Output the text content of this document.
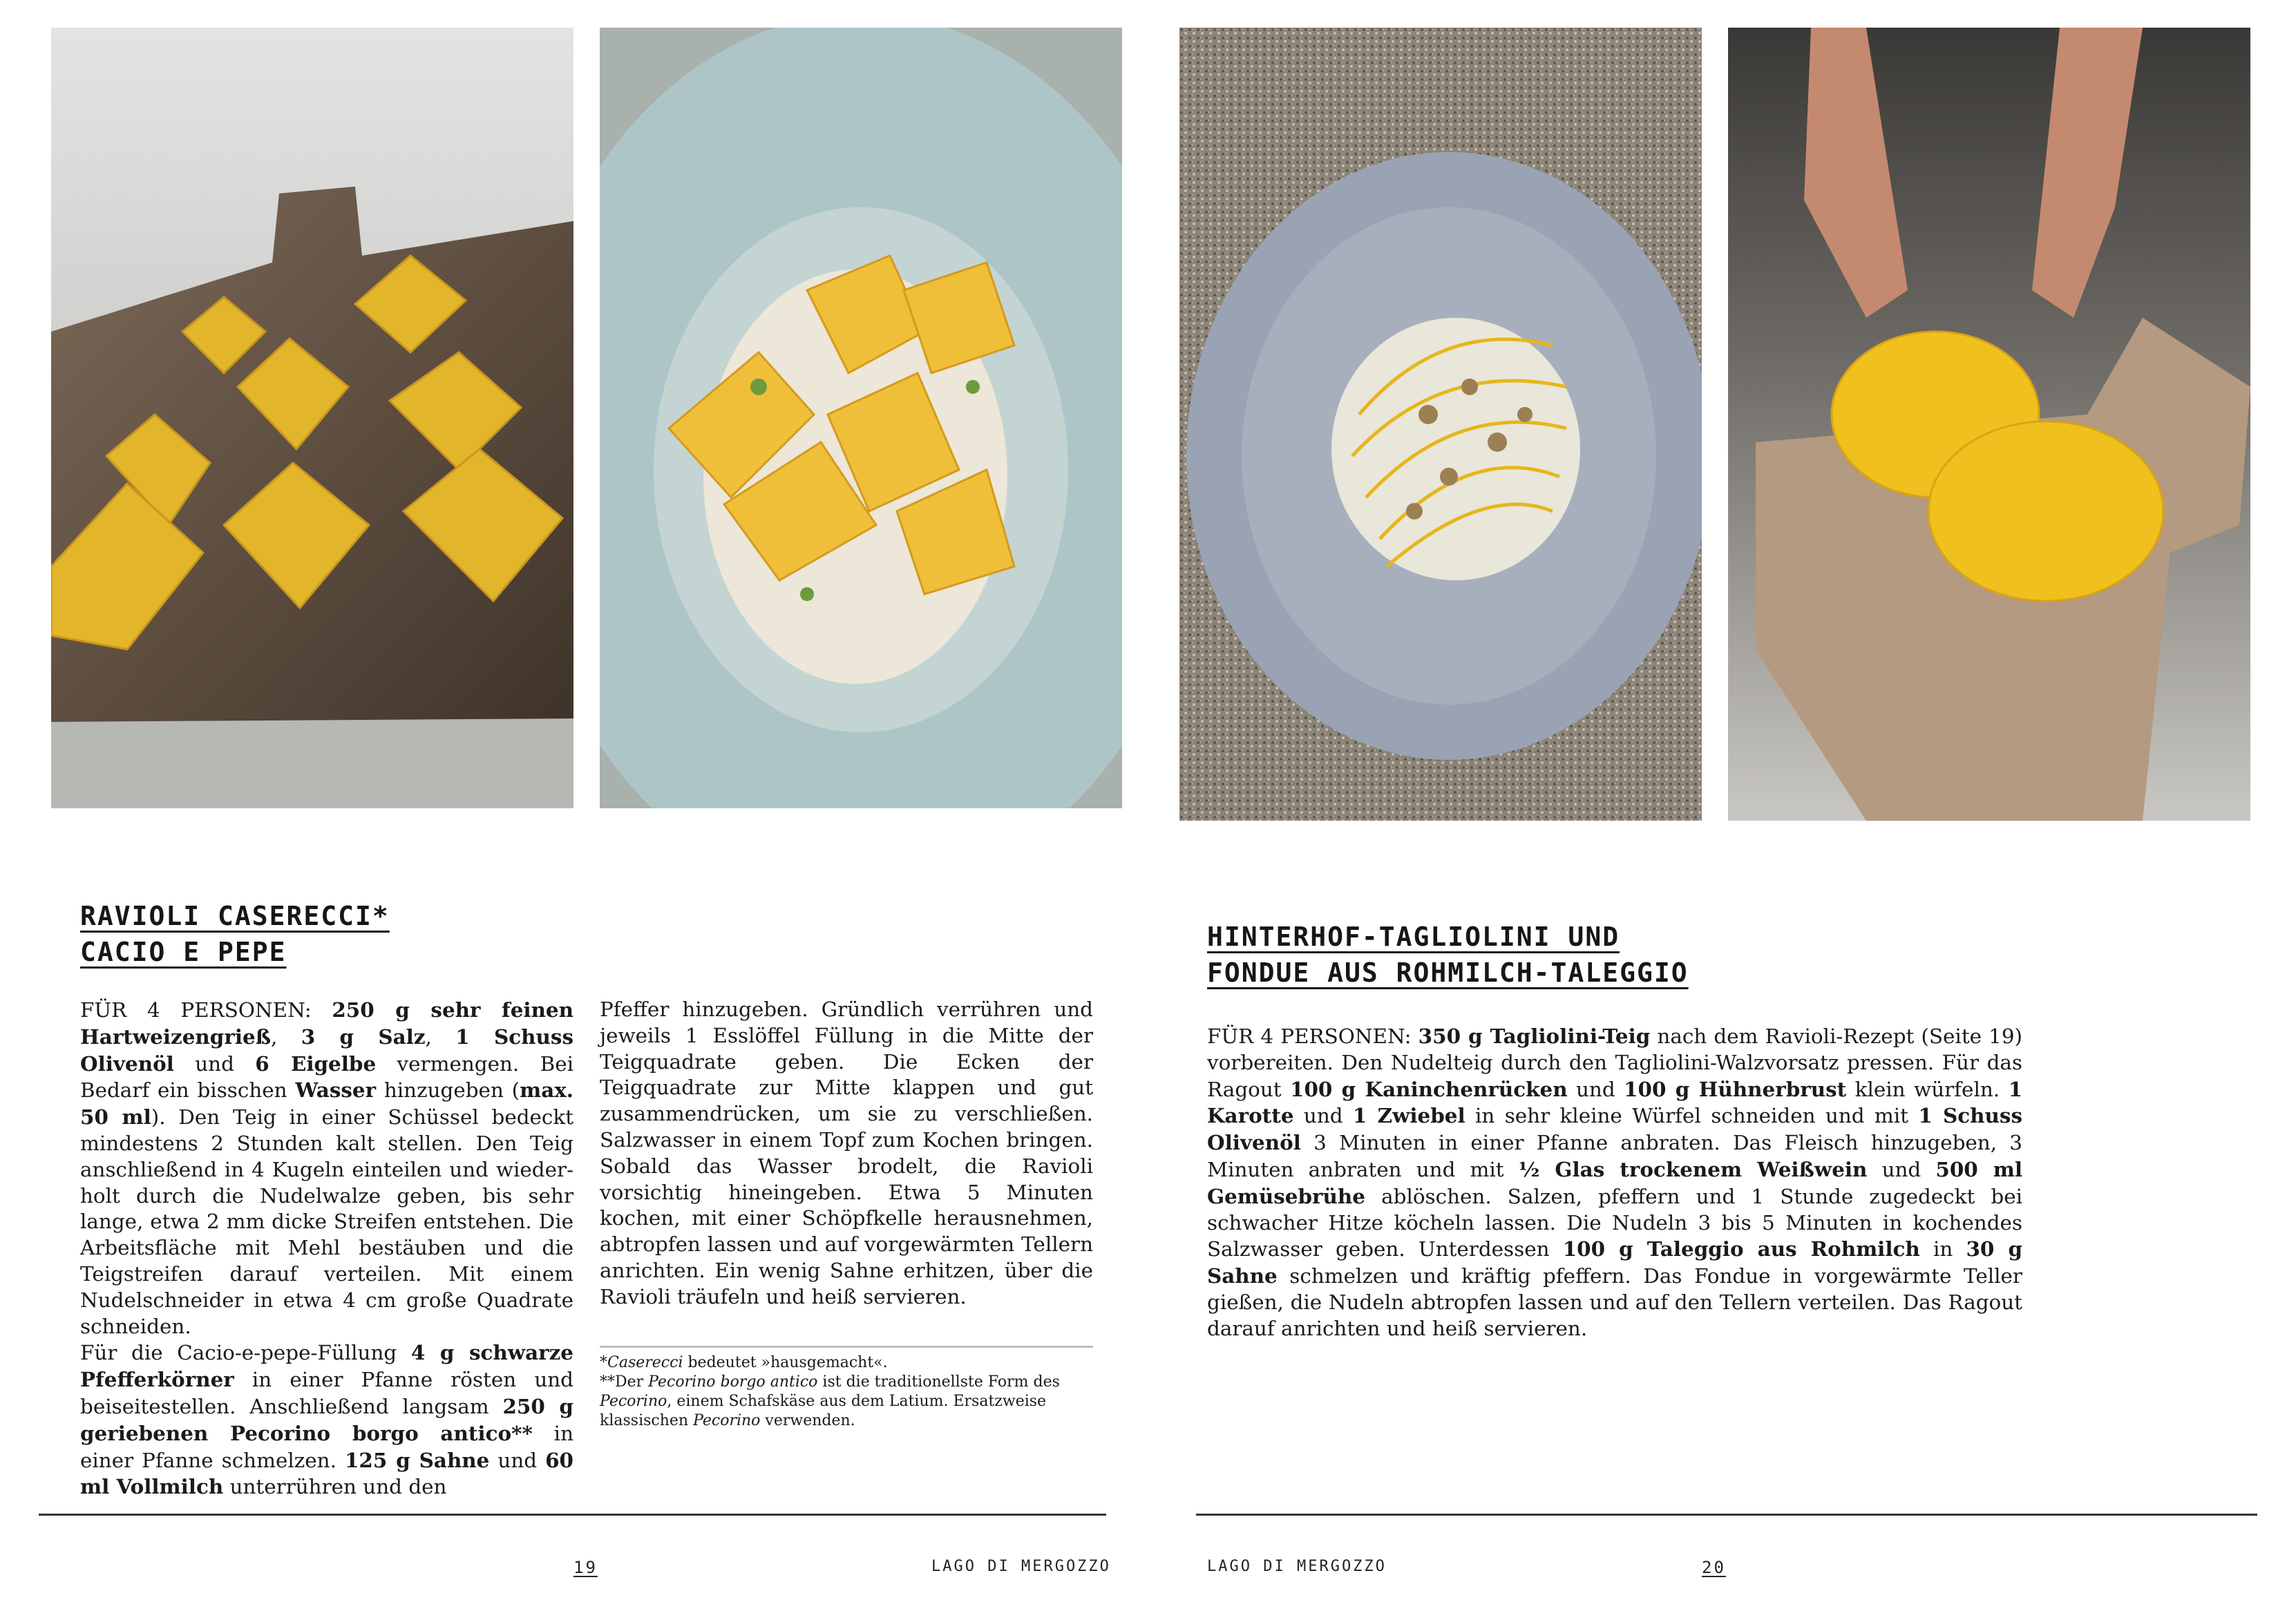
RAVIOLI CASERECCI*
CACIO E PEPE
FÜR 4 PERSONEN: 250 g sehr feinen Hartweizengrieß, 3 g Salz, 1 Schuss Olivenöl und 6 Eigelbe vermengen. Bei Bedarf ein bisschen Wasser hinzugeben (max. 50 ml). Den Teig in einer Schüssel bedeckt mindestens 2 Stunden kalt stellen. Den Teig anschließend in 4 Kugeln einteilen und wiederholt durch die Nudelwalze geben, bis sehr lange, etwa 2 mm dicke Streifen entstehen. Die Arbeitsfläche mit Mehl bestäuben und die Teigstreifen darauf verteilen. Mit einem Nudelschneider in etwa 4 cm große Quadrate schneiden.
Für die Cacio-e-pepe-Füllung 4 g schwarze Pfefferkörner in einer Pfanne rösten und beiseitestellen. Anschließend langsam 250 g geriebenen Pecorino borgo antico** in einer Pfanne schmelzen. 125 g Sahne und 60 ml Vollmilch unterrühren und den
Pfeffer hinzugeben. Gründlich verrühren und jeweils 1 Esslöffel Füllung in die Mitte der Teigquadrate geben. Die Ecken der Teigquadrate zur Mitte klappen und gut zusammendrücken, um sie zu verschließen. Salzwasser in einem Topf zum Kochen bringen. Sobald das Wasser brodelt, die Ravioli vorsichtig hineingeben. Etwa 5 Minuten kochen, mit einer Schöpfkelle herausnehmen, abtropfen lassen und auf vorgewärmten Tellern anrichten. Ein wenig Sahne erhitzen, über die Ravioli träufeln und heiß servieren.
*Caserecci bedeutet »hausgemacht«.
**Der Pecorino borgo antico ist die traditionellste Form des Pecorino, einem Schafskäse aus dem Latium. Ersatzweise klassischen Pecorino verwenden.
19	LAGO DI MERGOZZO
HINTERHOF-TAGLIOLINI UND
FONDUE AUS ROHMILCH-TALEGGIO
FÜR 4 PERSONEN: 350 g Tagliolini-Teig nach dem Ravioli-Rezept (Seite 19) vorbereiten. Den Nudelteig durch den Tagliolini-Walzvorsatz pressen. Für das Ragout 100 g Kaninchenrücken und 100 g Hühnerbrust klein würfeln. 1 Karotte und 1 Zwiebel in sehr kleine Würfel schneiden und mit 1 Schuss Olivenöl 3 Minuten in einer Pfanne anbraten. Das Fleisch hinzugeben, 3 Minuten anbraten und mit ½ Glas trockenem Weißwein und 500 ml Gemüsebrühe ablöschen. Salzen, pfeffern und 1 Stunde zugedeckt bei schwacher Hitze köcheln lassen. Die Nudeln 3 bis 5 Minuten in kochendes Salzwasser geben. Unterdessen 100 g Taleggio aus Rohmilch in 30 g Sahne schmelzen und kräftig pfeffern. Das Fondue in vorgewärmte Teller gießen, die Nudeln abtropfen lassen und auf den Tellern verteilen. Das Ragout darauf anrichten und heiß servieren.
LAGO DI MERGOZZO	20
